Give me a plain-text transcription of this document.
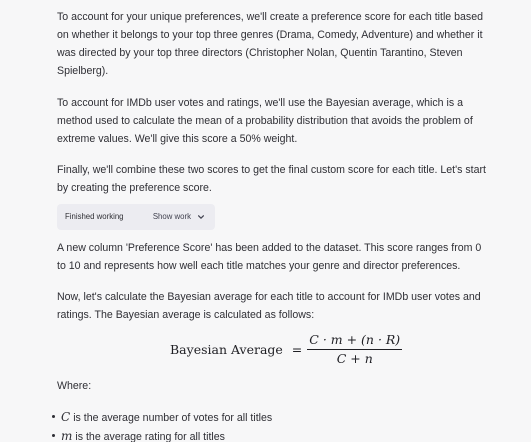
To account for your unique preferences, we'll create a preference score for each title based on whether it belongs to your top three genres (Drama, Comedy, Adventure) and whether it was directed by your top three directors (Christopher Nolan, Quentin Tarantino, Steven Spielberg).

To account for IMDb user votes and ratings, we'll use the Bayesian average, which is a method used to calculate the mean of a probability distribution that avoids the problem of extreme values. We'll give this score a 50% weight.

Finally, we'll combine these two scores to get the final custom score for each title. Let's start by creating the preference score.

Finished working	Show work

A new column 'Preference Score' has been added to the dataset. This score ranges from 0 to 10 and represents how well each title matches your genre and director preferences.

Now, let's calculate the Bayesian average for each title to account for IMDb user votes and ratings. The Bayesian average is calculated as follows:

Bayesian Average = $\frac{C \cdot m + (n \cdot R)}{C + n}$

Where:

C is the average number of votes for all titles
m is the average rating for all titles
